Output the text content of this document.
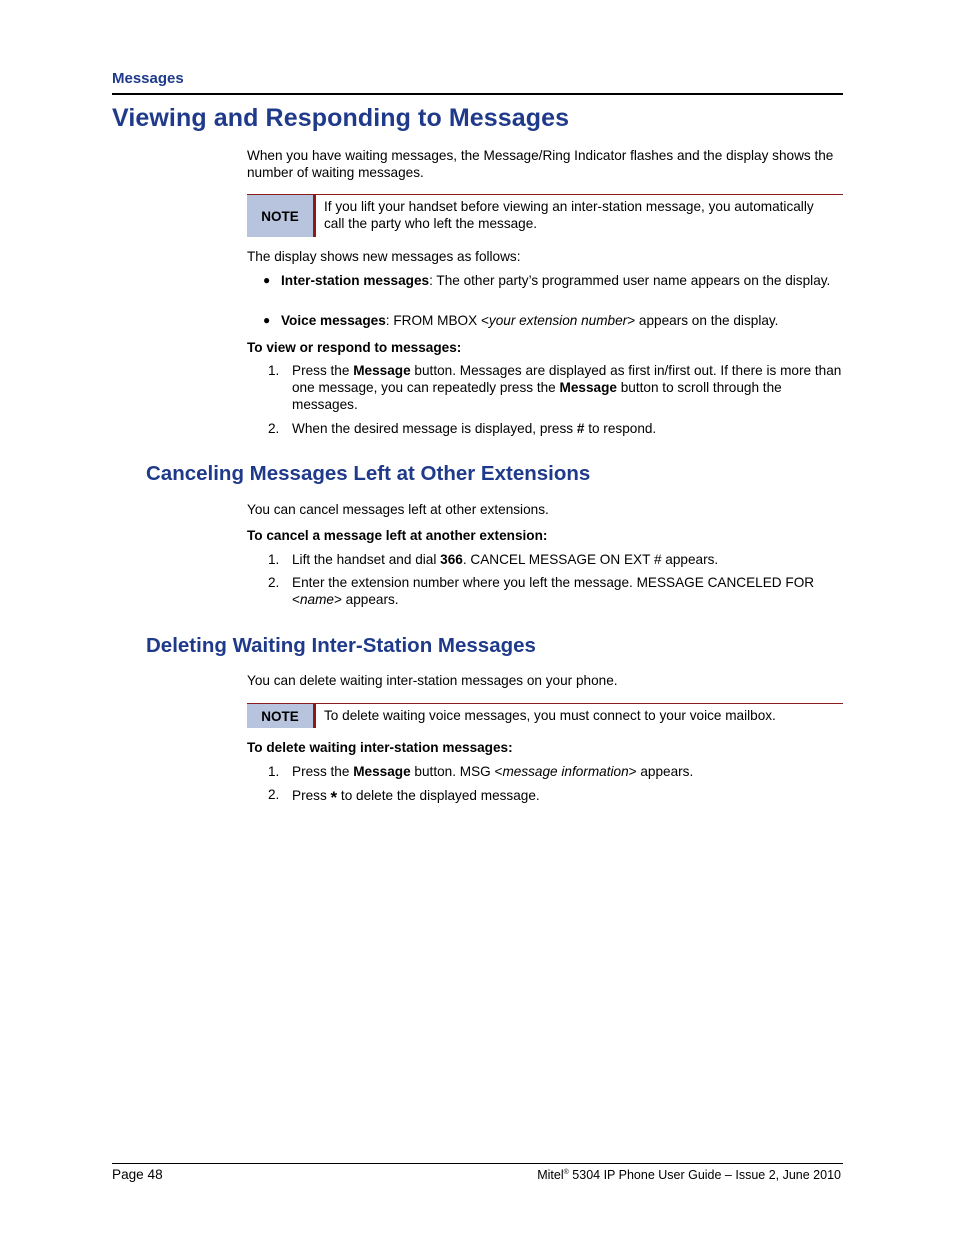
Messages
Viewing and Responding to Messages
When you have waiting messages, the Message/Ring Indicator flashes and the display shows the number of waiting messages.
NOTE
If you lift your handset before viewing an inter-station message, you automatically call the party who left the message.
The display shows new messages as follows:
● Inter-station messages: The other party’s programmed user name appears on the display.
● Voice messages: FROM MBOX <your extension number> appears on the display.
To view or respond to messages:
1. Press the Message button. Messages are displayed as first in/first out. If there is more than one message, you can repeatedly press the Message button to scroll through the messages.
2. When the desired message is displayed, press # to respond.
Canceling Messages Left at Other Extensions
You can cancel messages left at other extensions.
To cancel a message left at another extension:
1. Lift the handset and dial 366. CANCEL MESSAGE ON EXT # appears.
2. Enter the extension number where you left the message. MESSAGE CANCELED FOR <name> appears.
Deleting Waiting Inter-Station Messages
You can delete waiting inter-station messages on your phone.
NOTE	To delete waiting voice messages, you must connect to your voice mailbox.
To delete waiting inter-station messages:
1. Press the Message button. MSG <message information> appears.
2. Press * to delete the displayed message.
Page 48	Mitel® 5304 IP Phone User Guide – Issue 2, June 2010
